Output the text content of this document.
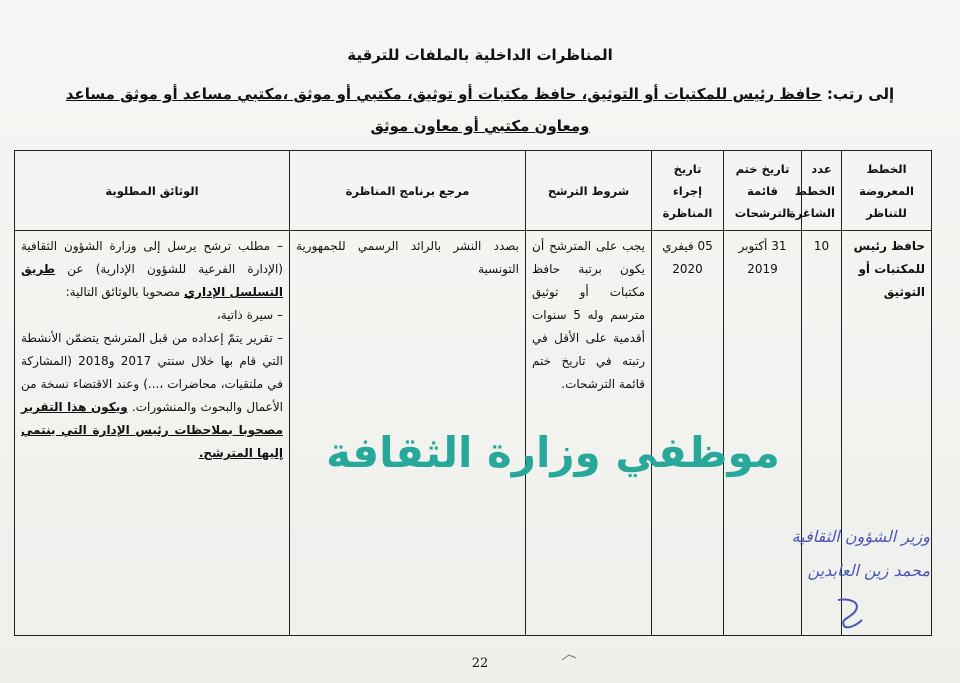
المناظرات الداخلية بالملفات للترقية
إلى رتب: حافظ رئيس للمكتبات أو التوثيق، حافظ مكتبات أو توثيق، مكتبي أو موثق ،مكتبي مساعد أو موثق مساعد
ومعاون مكتبي أو معاون موثق
الخطط المعروضة للتناظر	عدد الخطط الشاغرة	تاريخ ختم قائمة الترشحات	تاريخ إجراء المناظرة	شروط الترشح	مرجع برنامج المناظرة	الوثائق المطلوبة
حافظ رئيس للمكتبات أو التوثيق	10	31 أكتوبر 2019	05 فيفري 2020	يجب على المترشح أن يكون برتبة حافظ مكتبات أو توثيق مترسم وله 5 سنوات أقدمية على الأقل في رتبته في تاريخ ختم قائمة الترشحات.	بصدد النشر بالرائد الرسمي للجمهورية التونسية	– مطلب ترشح يرسل إلى وزارة الشؤون الثقافية (الإدارة الفرعية للشؤون الإدارية) عن طريق التسلسل الإداري مصحوبا بالوثائق التالية:

– سيرة ذاتية،

– تقرير يتمّ إعداده من قبل المترشح يتضمّن الأنشطة التي قام بها خلال سنتي 2017 و2018 (المشاركة في ملتقيات، محاضرات ،...) وعند الاقتضاء نسخة من الأعمال والبحوث والمنشورات. ويكون هذا التقرير مصحوبا بملاحظات رئيس الإدارة التي ينتمي إليها المترشح. موظفي وزارة الثقافة
وزير الشؤون الثقافية
محمد زين العابدين
22
